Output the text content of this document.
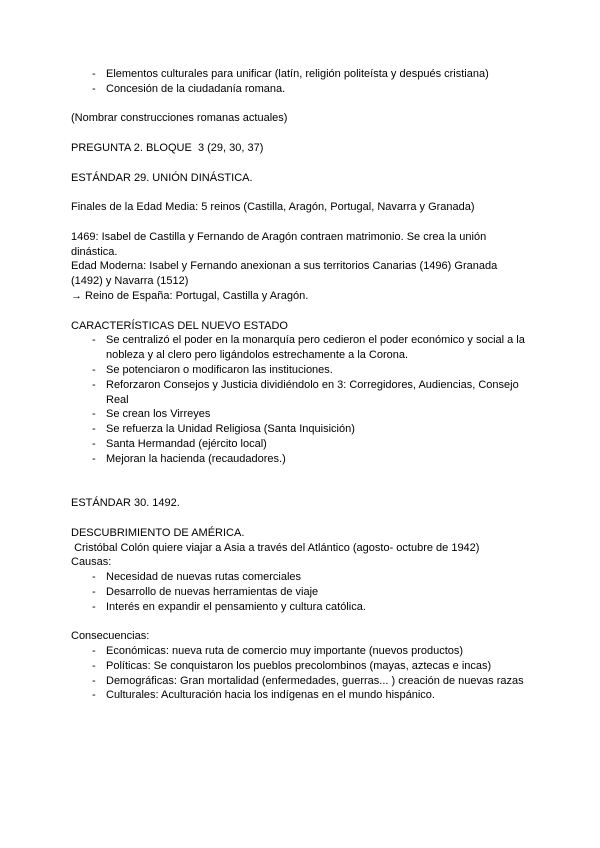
- Elementos culturales para unificar (latín, religión politeísta y después cristiana)
- Concesión de la ciudadanía romana.

(Nombrar construcciones romanas actuales)

PREGUNTA 2. BLOQUE  3 (29, 30, 37)

ESTÁNDAR 29. UNIÓN DINÁSTICA.

Finales de la Edad Media: 5 reinos (Castilla, Aragón, Portugal, Navarra y Granada)

1469: Isabel de Castilla y Fernando de Aragón contraen matrimonio. Se crea la unión dinástica.

Edad Moderna: Isabel y Fernando anexionan a sus territorios Canarias (1496) Granada (1492) y Navarra (1512)

→ Reino de España: Portugal, Castilla y Aragón.

CARACTERÍSTICAS DEL NUEVO ESTADO

- Se centralizó el poder en la monarquía pero cedieron el poder económico y social a la nobleza y al clero pero ligándolos estrechamente a la Corona.
- Se potenciaron o modificaron las instituciones.
- Reforzaron Consejos y Justicia dividiéndolo en 3: Corregidores, Audiencias, Consejo Real
- Se crean los Virreyes
- Se refuerza la Unidad Religiosa (Santa Inquisición)
- Santa Hermandad (ejército local)
- Mejoran la hacienda (recaudadores.)

ESTÁNDAR 30. 1492.

DESCUBRIMIENTO DE AMÉRICA.

Cristóbal Colón quiere viajar a Asia a través del Atlántico (agosto- octubre de 1942)

Causas:

- Necesidad de nuevas rutas comerciales
- Desarrollo de nuevas herramientas de viaje
- Interés en expandir el pensamiento y cultura católica.

Consecuencias:

- Económicas: nueva ruta de comercio muy importante (nuevos productos)
- Políticas: Se conquistaron los pueblos precolombinos (mayas, aztecas e incas)
- Demográficas: Gran mortalidad (enfermedades, guerras... ) creación de nuevas razas
- Culturales: Aculturación hacia los indígenas en el mundo hispánico.
